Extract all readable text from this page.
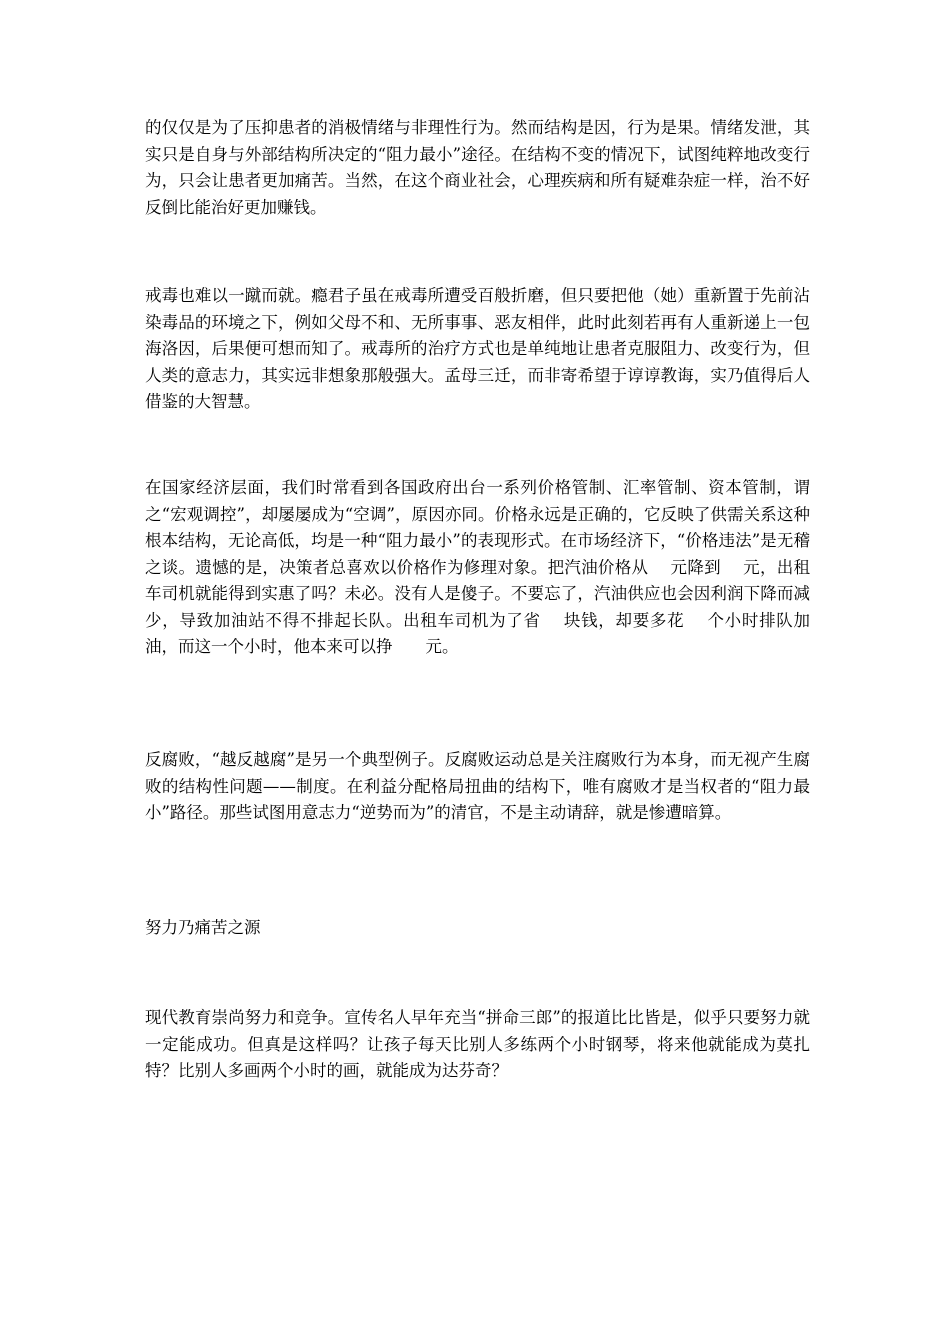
的仅仅是为了压抑患者的消极情绪与非理性行为。然而结构是因，行为是果。情绪发泄，其实只是自身与外部结构所决定的“阻力最小”途径。在结构不变的情况下，试图纯粹地改变行为，只会让患者更加痛苦。当然，在这个商业社会，心理疾病和所有疑难杂症一样，治不好反倒比能治好更加赚钱。

戒毒也难以一蹴而就。瘾君子虽在戒毒所遭受百般折磨，但只要把他（她）重新置于先前沾染毒品的环境之下，例如父母不和、无所事事、恶友相伴，此时此刻若再有人重新递上一包海洛因，后果便可想而知了。戒毒所的治疗方式也是单纯地让患者克服阻力、改变行为，但人类的意志力，其实远非想象那般强大。孟母三迁，而非寄希望于谆谆教诲，实乃值得后人借鉴的大智慧。

在国家经济层面，我们时常看到各国政府出台一系列价格管制、汇率管制、资本管制，谓之“宏观调控”，却屡屡成为“空调”，原因亦同。价格永远是正确的，它反映了供需关系这种根本结构，无论高低，均是一种“阻力最小”的表现形式。在市场经济下，“价格违法”是无稽之谈。遗憾的是，决策者总喜欢以价格作为修理对象。把汽油价格从　 元降到　 元，出租车司机就能得到实惠了吗？未必。没有人是傻子。不要忘了，汽油供应也会因利润下降而减少，导致加油站不得不排起长队。出租车司机为了省　 块钱，却要多花　 个小时排队加油，而这一个小时，他本来可以挣　　元。

反腐败，“越反越腐”是另一个典型例子。反腐败运动总是关注腐败行为本身，而无视产生腐败的结构性问题——制度。在利益分配格局扭曲的结构下，唯有腐败才是当权者的“阻力最小”路径。那些试图用意志力“逆势而为”的清官，不是主动请辞，就是惨遭暗算。

努力乃痛苦之源

现代教育崇尚努力和竞争。宣传名人早年充当“拼命三郎”的报道比比皆是，似乎只要努力就一定能成功。但真是这样吗？让孩子每天比别人多练两个小时钢琴，将来他就能成为莫扎特？比别人多画两个小时的画，就能成为达芬奇？
